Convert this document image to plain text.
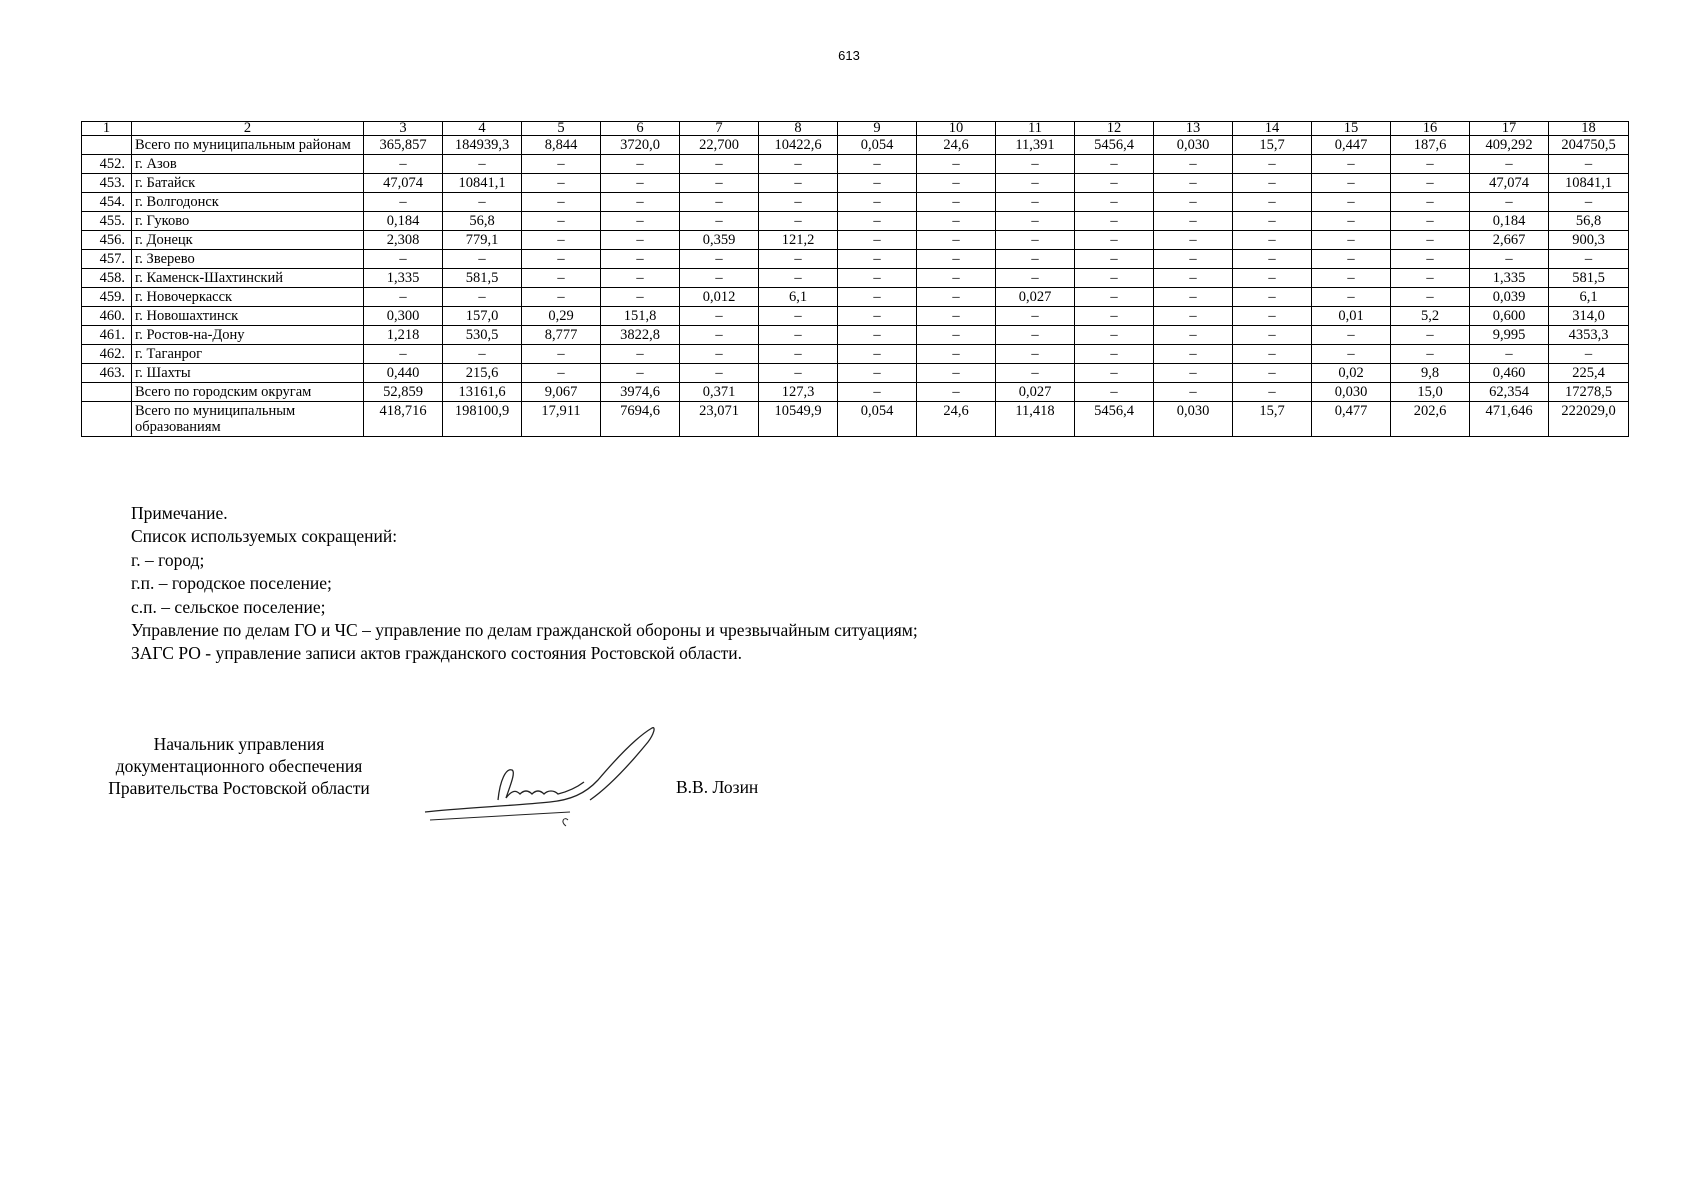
613
1	2	3	4	5	6	7	8	9	10	11	12	13	14	15	16	17	18
	Всего по муниципальным районам	365,857	184939,3	8,844	3720,0	22,700	10422,6	0,054	24,6	11,391	5456,4	0,030	15,7	0,447	187,6	409,292	204750,5
452.	г. Азов	–	–	–	–	–	–	–	–	–	–	–	–	–	–	–	–
453.	г. Батайск	47,074	10841,1	–	–	–	–	–	–	–	–	–	–	–	–	47,074	10841,1
454.	г. Волгодонск	–	–	–	–	–	–	–	–	–	–	–	–	–	–	–	–
455.	г. Гуково	0,184	56,8	–	–	–	–	–	–	–	–	–	–	–	–	0,184	56,8
456.	г. Донецк	2,308	779,1	–	–	0,359	121,2	–	–	–	–	–	–	–	–	2,667	900,3
457.	г. Зверево	–	–	–	–	–	–	–	–	–	–	–	–	–	–	–	–
458.	г. Каменск-Шахтинский	1,335	581,5	–	–	–	–	–	–	–	–	–	–	–	–	1,335	581,5
459.	г. Новочеркасск	–	–	–	–	0,012	6,1	–	–	0,027	–	–	–	–	–	0,039	6,1
460.	г. Новошахтинск	0,300	157,0	0,29	151,8	–	–	–	–	–	–	–	–	0,01	5,2	0,600	314,0
461.	г. Ростов-на-Дону	1,218	530,5	8,777	3822,8	–	–	–	–	–	–	–	–	–	–	9,995	4353,3
462.	г. Таганрог	–	–	–	–	–	–	–	–	–	–	–	–	–	–	–	–
463.	г. Шахты	0,440	215,6	–	–	–	–	–	–	–	–	–	–	0,02	9,8	0,460	225,4
	Всего по городским округам	52,859	13161,6	9,067	3974,6	0,371	127,3	–	–	0,027	–	–	–	0,030	15,0	62,354	17278,5
	Всего по муниципальным образованиям	418,716	198100,9	17,911	7694,6	23,071	10549,9	0,054	24,6	11,418	5456,4	0,030	15,7	0,477	202,6	471,646	222029,0
Примечание.
Список используемых сокращений:
г. – город;
г.п. – городское поселение;
с.п. – сельское поселение;
Управление по делам ГО и ЧС – управление по делам гражданской обороны и чрезвычайным ситуациям;
ЗАГС РО - управление записи актов гражданского состояния Ростовской области.
Начальник управления
документационного обеспечения
Правительства Ростовской области	В.В. Лозин
